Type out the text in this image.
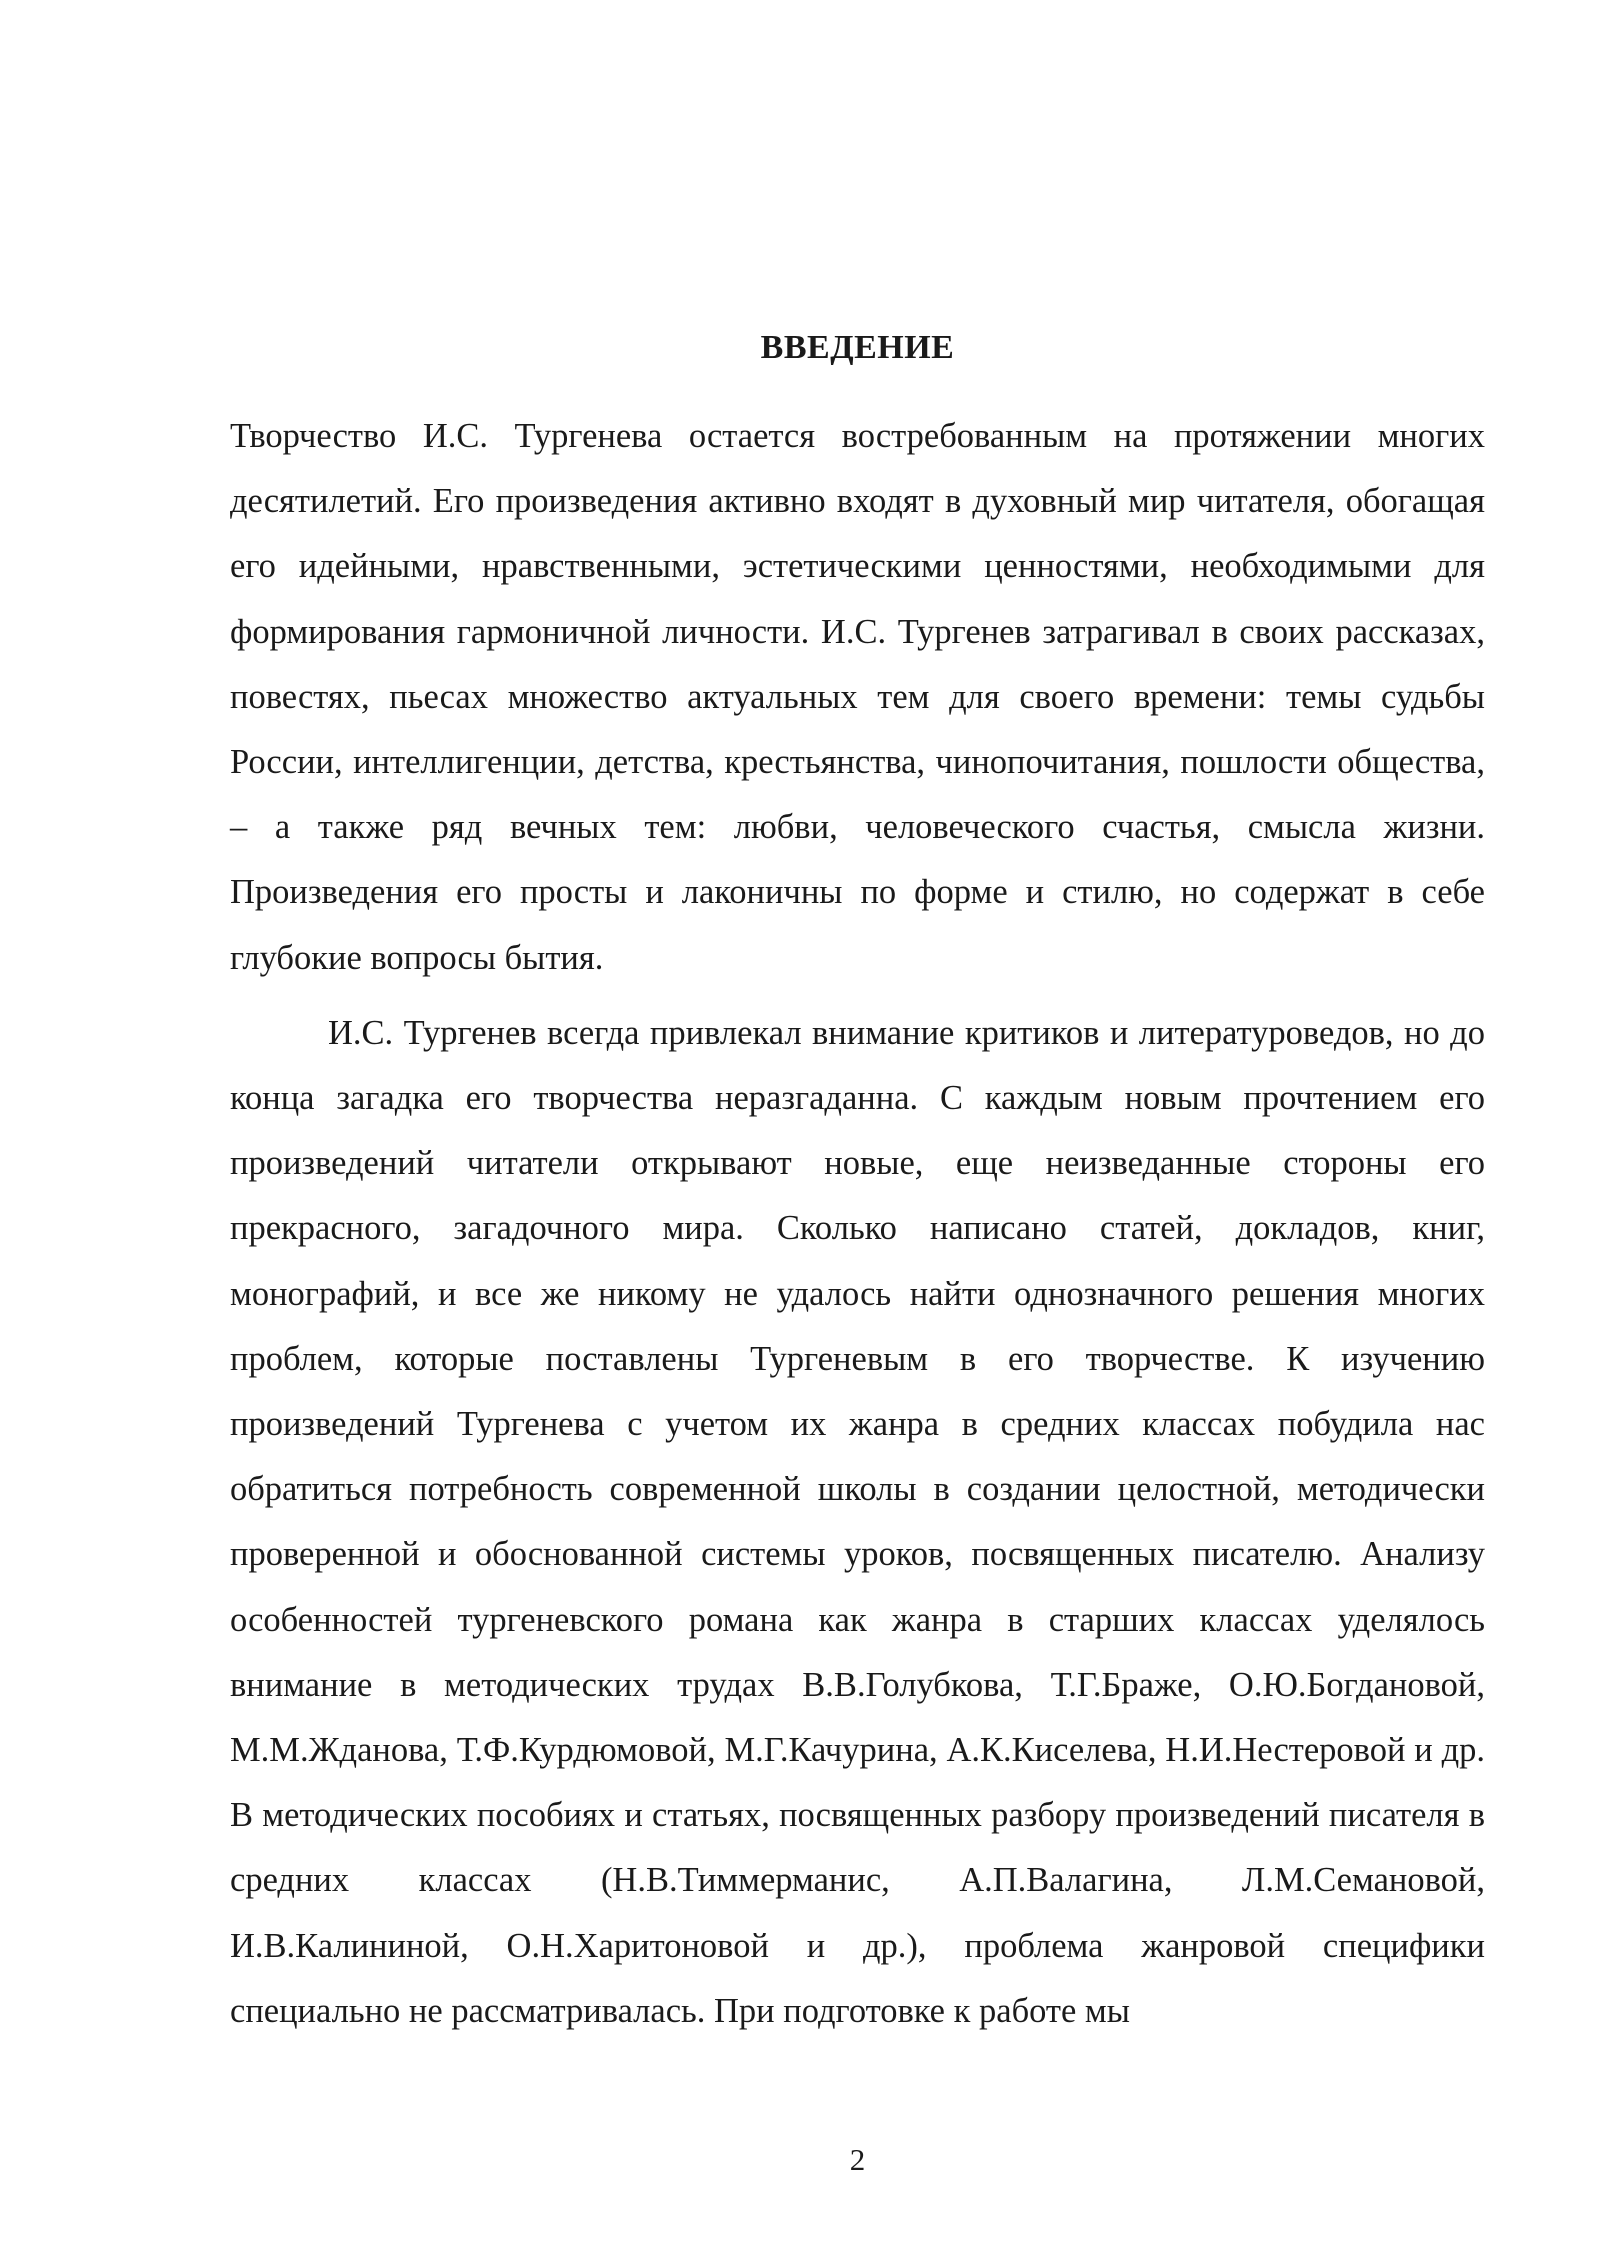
ВВЕДЕНИЕ

Творчество И.С. Тургенева остается востребованным на протяжении многих десятилетий. Его произведения активно входят в духовный мир читателя, обогащая его идейными, нравственными, эстетическими ценностями, необходимыми для формирования гармоничной личности. И.С. Тургенев затрагивал в своих рассказах, повестях, пьесах множество актуальных тем для своего времени: темы судьбы России, интеллигенции, детства, крестьянства, чинопочитания, пошлости общества, – а также ряд вечных тем: любви, человеческого счастья, смысла жизни. Произведения его просты и лаконичны по форме и стилю, но содержат в себе глубокие вопросы бытия.

И.С. Тургенев всегда привлекал внимание критиков и литературоведов, но до конца загадка его творчества неразгаданна. С каждым новым прочтением его произведений читатели открывают новые, еще неизведанные стороны его прекрасного, загадочного мира. Сколько написано статей, докладов, книг, монографий, и все же никому не удалось найти однозначного решения многих проблем, которые поставлены Тургеневым в его творчестве. К изучению произведений Тургенева с учетом их жанра в средних классах побудила нас обратиться потребность современной школы в создании целостной, методически проверенной и обоснованной системы уроков, посвященных писателю. Анализу особенностей тургеневского романа как жанра в старших классах уделялось внимание в методических трудах В.В.Голубкова, Т.Г.Браже, О.Ю.Богдановой, М.М.Жданова, Т.Ф.Курдюмовой, М.Г.Качурина, А.К.Киселева, Н.И.Нестеровой и др. В методических пособиях и статьях, посвященных разбору произведений писателя в средних классах (Н.В.Тиммерманис, А.П.Валагина, Л.М.Семановой, И.В.Калининой, О.Н.Харитоновой и др.), проблема жанровой специфики специально не рассматривалась. При подготовке к работе мы

2
